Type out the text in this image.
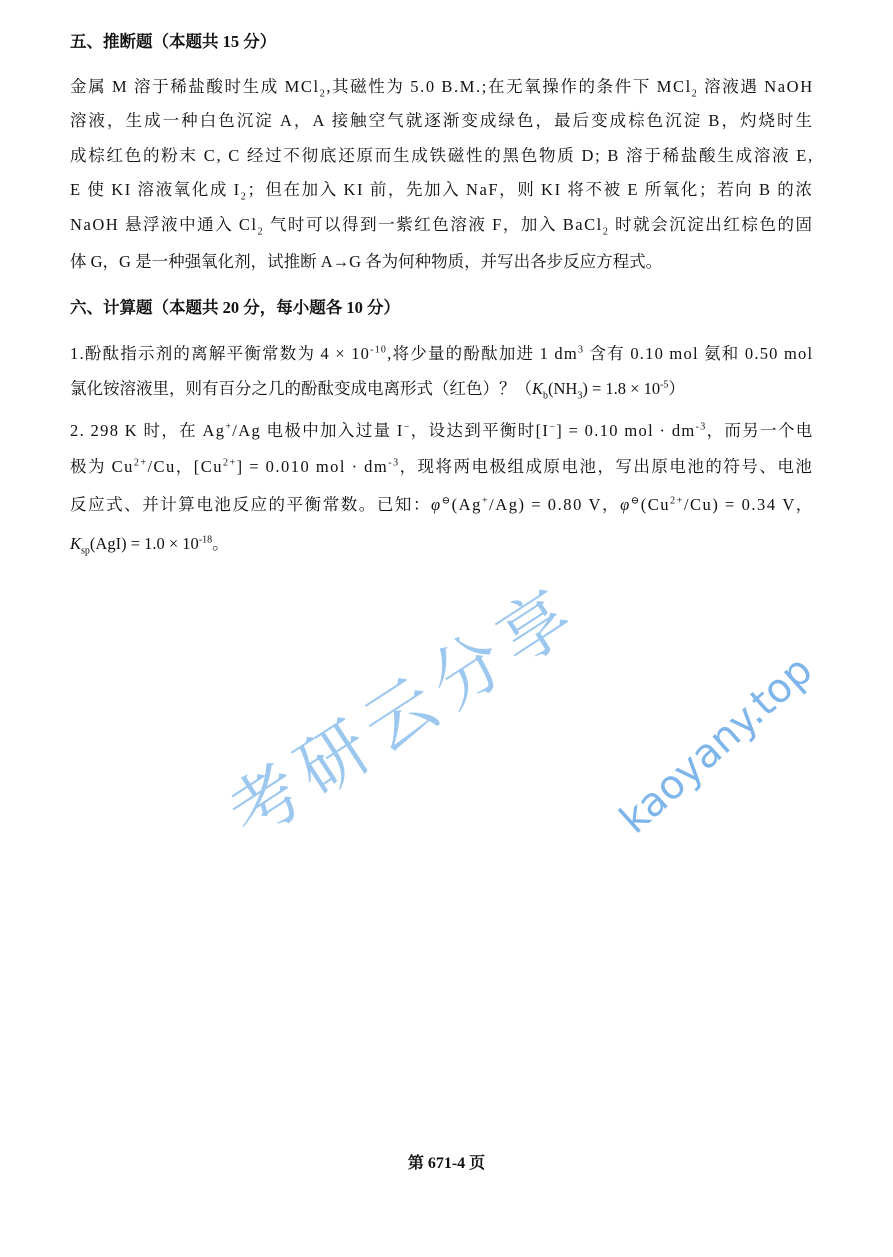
五、推断题（本题共 15 分）
金属 M 溶于稀盐酸时生成 MCl$_2$,其磁性为 5.0 B.M.;在无氧操作的条件下 MCl$_2$ 溶液遇 NaOH
溶液，生成一种白色沉淀 A，A 接触空气就逐渐变成绿色，最后变成棕色沉淀 B，灼烧时生
成棕红色的粉末 C, C 经过不彻底还原而生成铁磁性的黑色物质 D; B 溶于稀盐酸生成溶液 E,
E 使 KI 溶液氧化成 $I_2$；但在加入 KI 前，先加入 NaF，则 KI 将不被 E 所氧化；若向 B 的浓
NaOH 悬浮液中通入 $Cl_2$ 气时可以得到一紫红色溶液 F，加入 BaCl$_2$ 时就会沉淀出红棕色的固
体 G，G 是一种强氧化剂，试推断 A→G 各为何种物质，并写出各步反应方程式。
六、计算题（本题共 20 分，每小题各 10 分）
1.酚酞指示剂的离解平衡常数为 $4 \times 10^{-10}$,将少量的酚酞加进 1 $dm^3$ 含有 0.10 mol 氨和 0.50 mol
氯化铵溶液里，则有百分之几的酚酞变成电离形式（红色）？$(K_b(NH_3) = 1.8 \times 10^{-5})$
2. 298 K 时，在 Ag+/Ag 电极中加入过量 I−，设达到平衡时[I−] = 0.10 mol · $dm^{-3}$，而另一个电
极为 $Cu^{2+}/Cu$，$[Cu^{2+}] = 0.010$ mol · $dm^{-3}$，现将两电极组成原电池，写出原电池的符号、电池
反应式、并计算电池反应的平衡常数。已知：φ⊖(Ag+/Ag) = 0.80 V，$\varphi^⊖(Cu^{2+}/Cu) = 0.34$ V，
$K_{sp}(AgI) = 1.0 \times 10^{-18}$。
考研云分享 kaoyany.top
第 671-4 页
